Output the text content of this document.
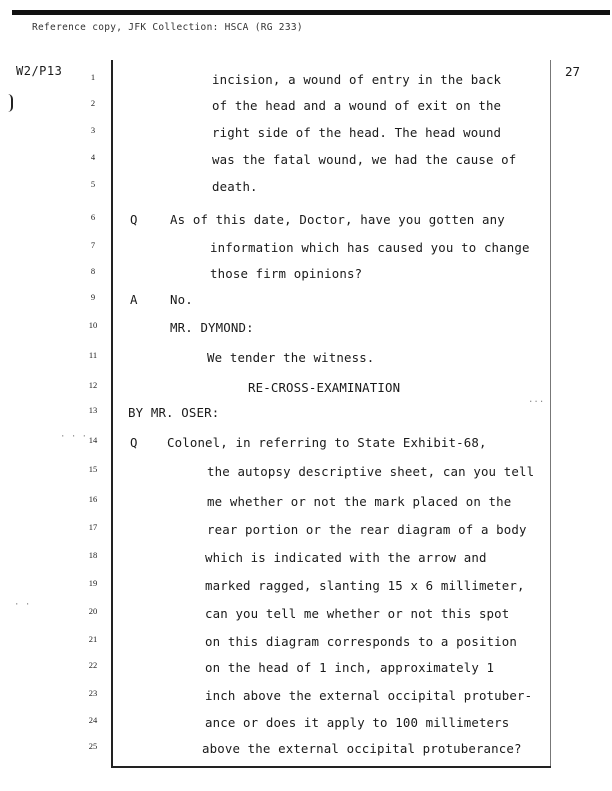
Reference copy, JFK Collection: HSCA (RG 233)
W2/P13	27
· · ·
· ·
...
1	incision, a wound of entry in the back
2	of the head and a wound of exit on the
3	right side of the head. The head wound
4	was the fatal wound, we had the cause of
5	death.
6	Q	As of this date, Doctor, have you gotten any
7	information which has caused you to change
8	those firm opinions?
9	A	No.
10	MR. DYMOND:
11	We tender the witness.
12	RE-CROSS-EXAMINATION
13	BY MR. OSER:
14	Q Colonel, in referring to State Exhibit-68,
15	the autopsy descriptive sheet, can you tell
16	me whether or not the mark placed on the
17	rear portion or the rear diagram of a body
18	which is indicated with the arrow and
19	marked ragged, slanting 15 x 6 millimeter,
20	can you tell me whether or not this spot
21	on this diagram corresponds to a position
22	on the head of 1 inch, approximately 1
23	inch above the external occipital protuber-
24	ance or does it apply to 100 millimeters
25	above the external occipital protuberance?
